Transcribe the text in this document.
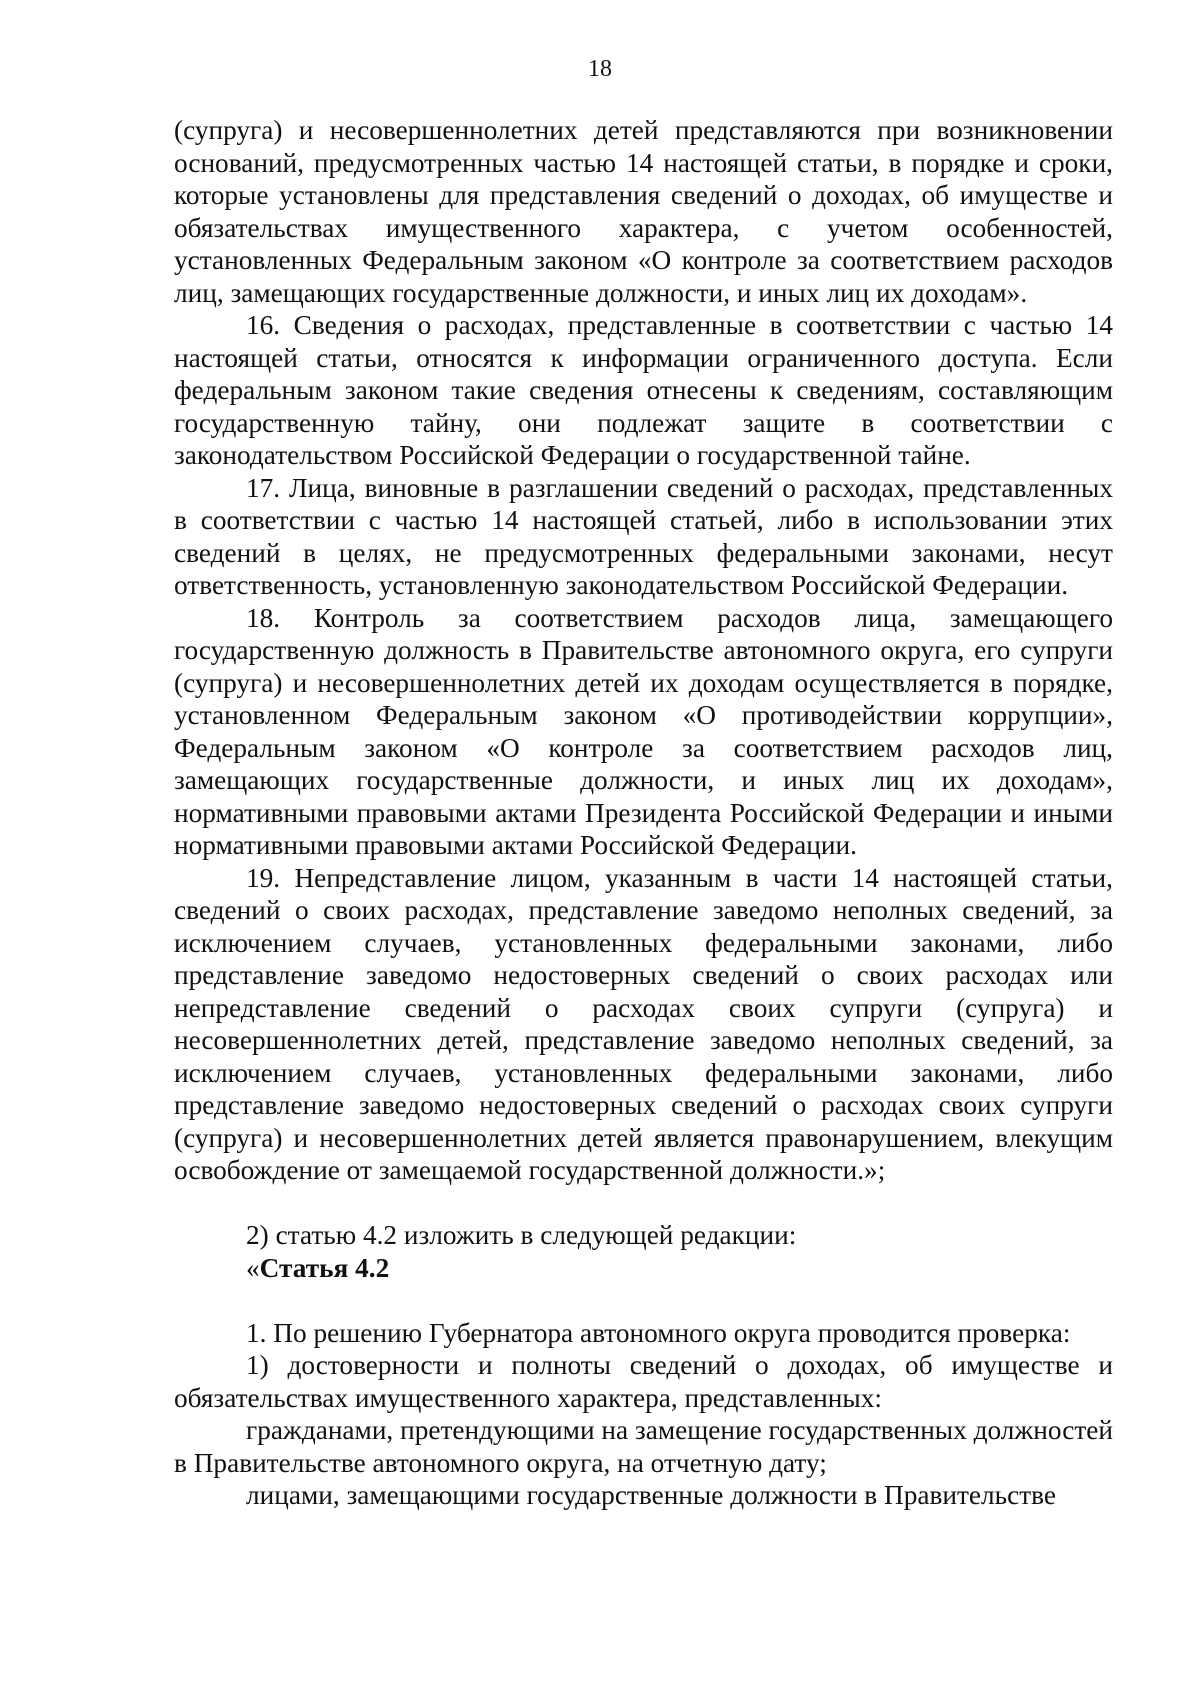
18

(супруга) и несовершеннолетних детей представляются при возникновении оснований, предусмотренных частью 14 настоящей статьи, в порядке и сроки, которые установлены для представления сведений о доходах, об имуществе и обязательствах имущественного характера, с учетом особенностей, установленных Федеральным законом «О контроле за соответствием расходов лиц, замещающих государственные должности, и иных лиц их доходам».

16. Сведения о расходах, представленные в соответствии с частью 14 настоящей статьи, относятся к информации ограниченного доступа. Если федеральным законом такие сведения отнесены к сведениям, составляющим государственную тайну, они подлежат защите в соответствии с законодательством Российской Федерации о государственной тайне.

17. Лица, виновные в разглашении сведений о расходах, представленных в соответствии с частью 14 настоящей статьей, либо в использовании этих сведений в целях, не предусмотренных федеральными законами, несут ответственность, установленную законодательством Российской Федерации.

18. Контроль за соответствием расходов лица, замещающего государственную должность в Правительстве автономного округа, его супруги (супруга) и несовершеннолетних детей их доходам осуществляется в порядке, установленном Федеральным законом «О противодействии коррупции», Федеральным законом «О контроле за соответствием расходов лиц, замещающих государственные должности, и иных лиц их доходам», нормативными правовыми актами Президента Российской Федерации и иными нормативными правовыми актами Российской Федерации.

19. Непредставление лицом, указанным в части 14 настоящей статьи, сведений о своих расходах, представление заведомо неполных сведений, за исключением случаев, установленных федеральными законами, либо представление заведомо недостоверных сведений о своих расходах или непредставление сведений о расходах своих супруги (супруга) и несовершеннолетних детей, представление заведомо неполных сведений, за исключением случаев, установленных федеральными законами, либо представление заведомо недостоверных сведений о расходах своих супруги (супруга) и несовершеннолетних детей является правонарушением, влекущим освобождение от замещаемой государственной должности.»;

2) статью 4.2 изложить в следующей редакции:

«Статья 4.2

1. По решению Губернатора автономного округа проводится проверка:

1) достоверности и полноты сведений о доходах, об имуществе и обязательствах имущественного характера, представленных:

гражданами, претендующими на замещение государственных должностей в Правительстве автономного округа, на отчетную дату;

лицами, замещающими государственные должности в Правительстве
